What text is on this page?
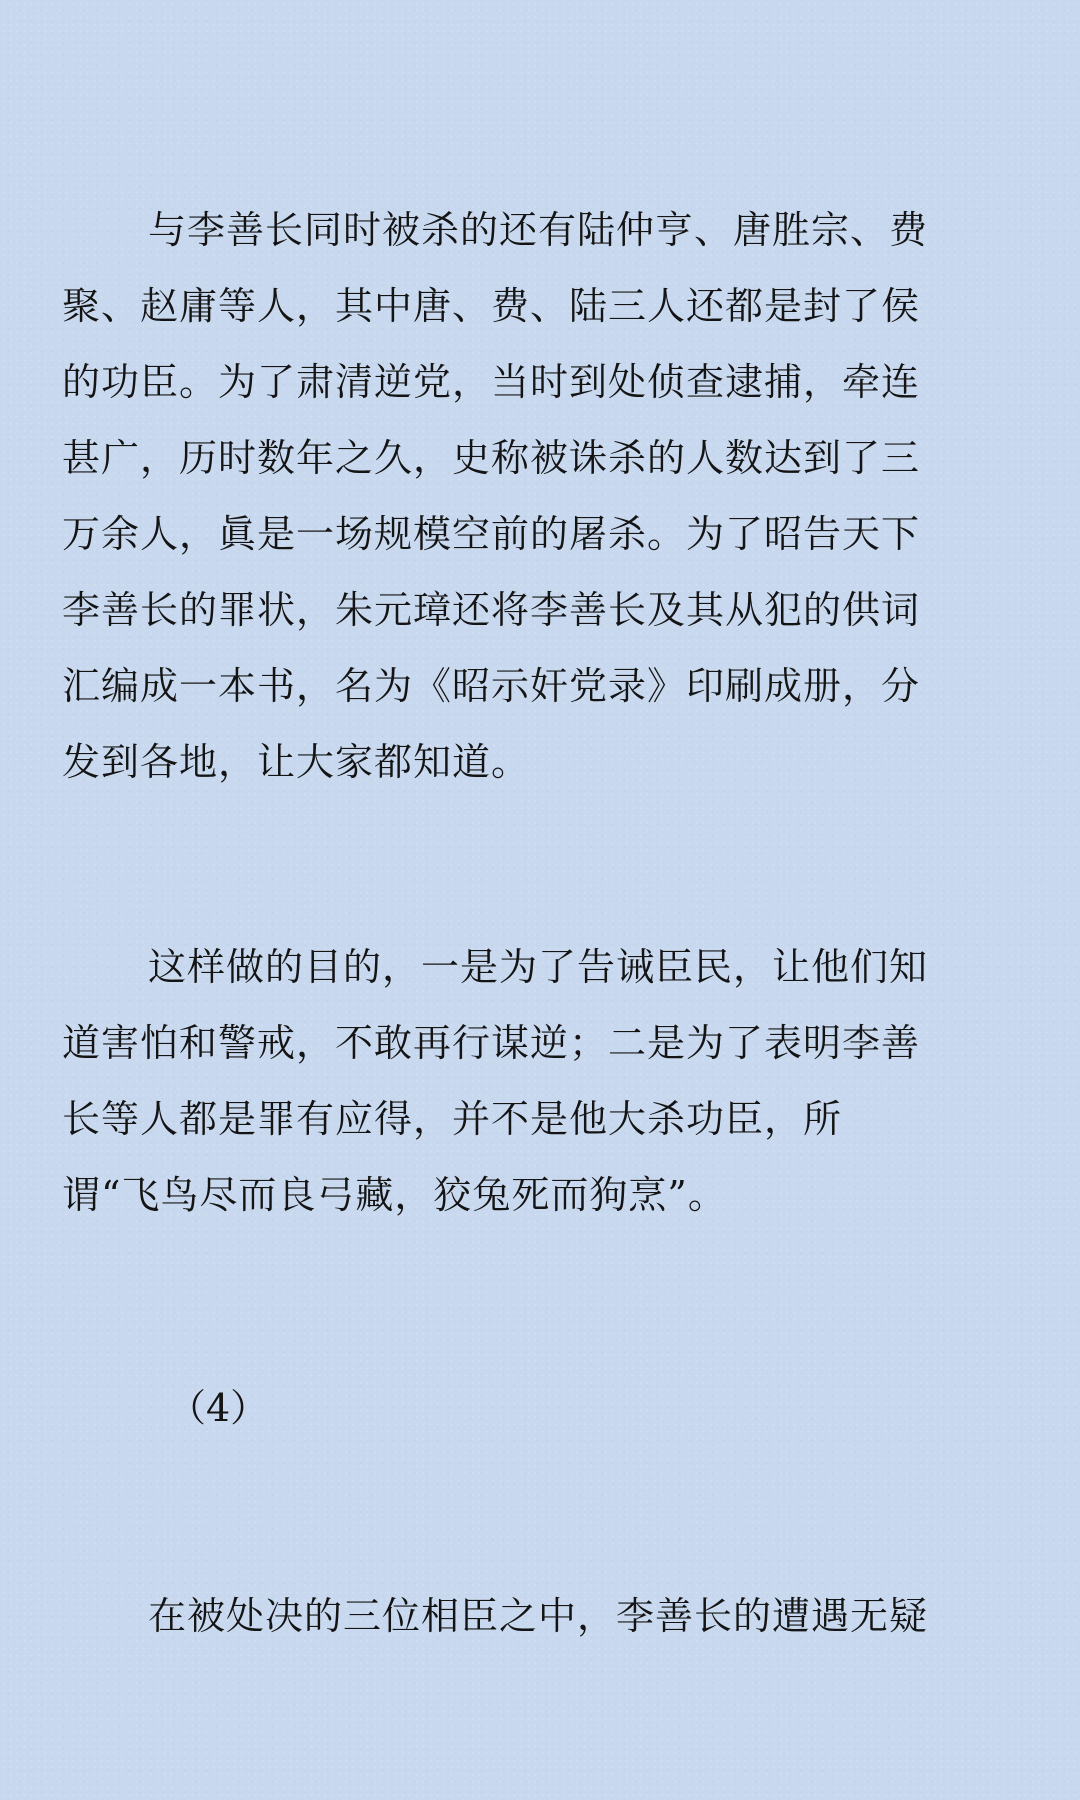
与李善长同时被杀的还有陆仲亨、唐胜宗、费
聚、赵庸等人，其中唐、费、陆三人还都是封了侯
的功臣。为了肃清逆党，当时到处侦查逮捕，牵连
甚广，历时数年之久，史称被诛杀的人数达到了三
万余人，眞是一场规模空前的屠杀。为了昭告天下
李善长的罪状，朱元璋还将李善长及其从犯的供词
汇编成一本书，名为《昭示奸党录》印刷成册，分
发到各地，让大家都知道。
这样做的目的，一是为了告诫臣民，让他们知
道害怕和警戒，不敢再行谋逆；二是为了表明李善
长等人都是罪有应得，并不是他大杀功臣，所
谓“飞鸟尽而良弓藏，狡兔死而狗烹”。
（4）
在被处决的三位相臣之中，李善长的遭遇无疑
